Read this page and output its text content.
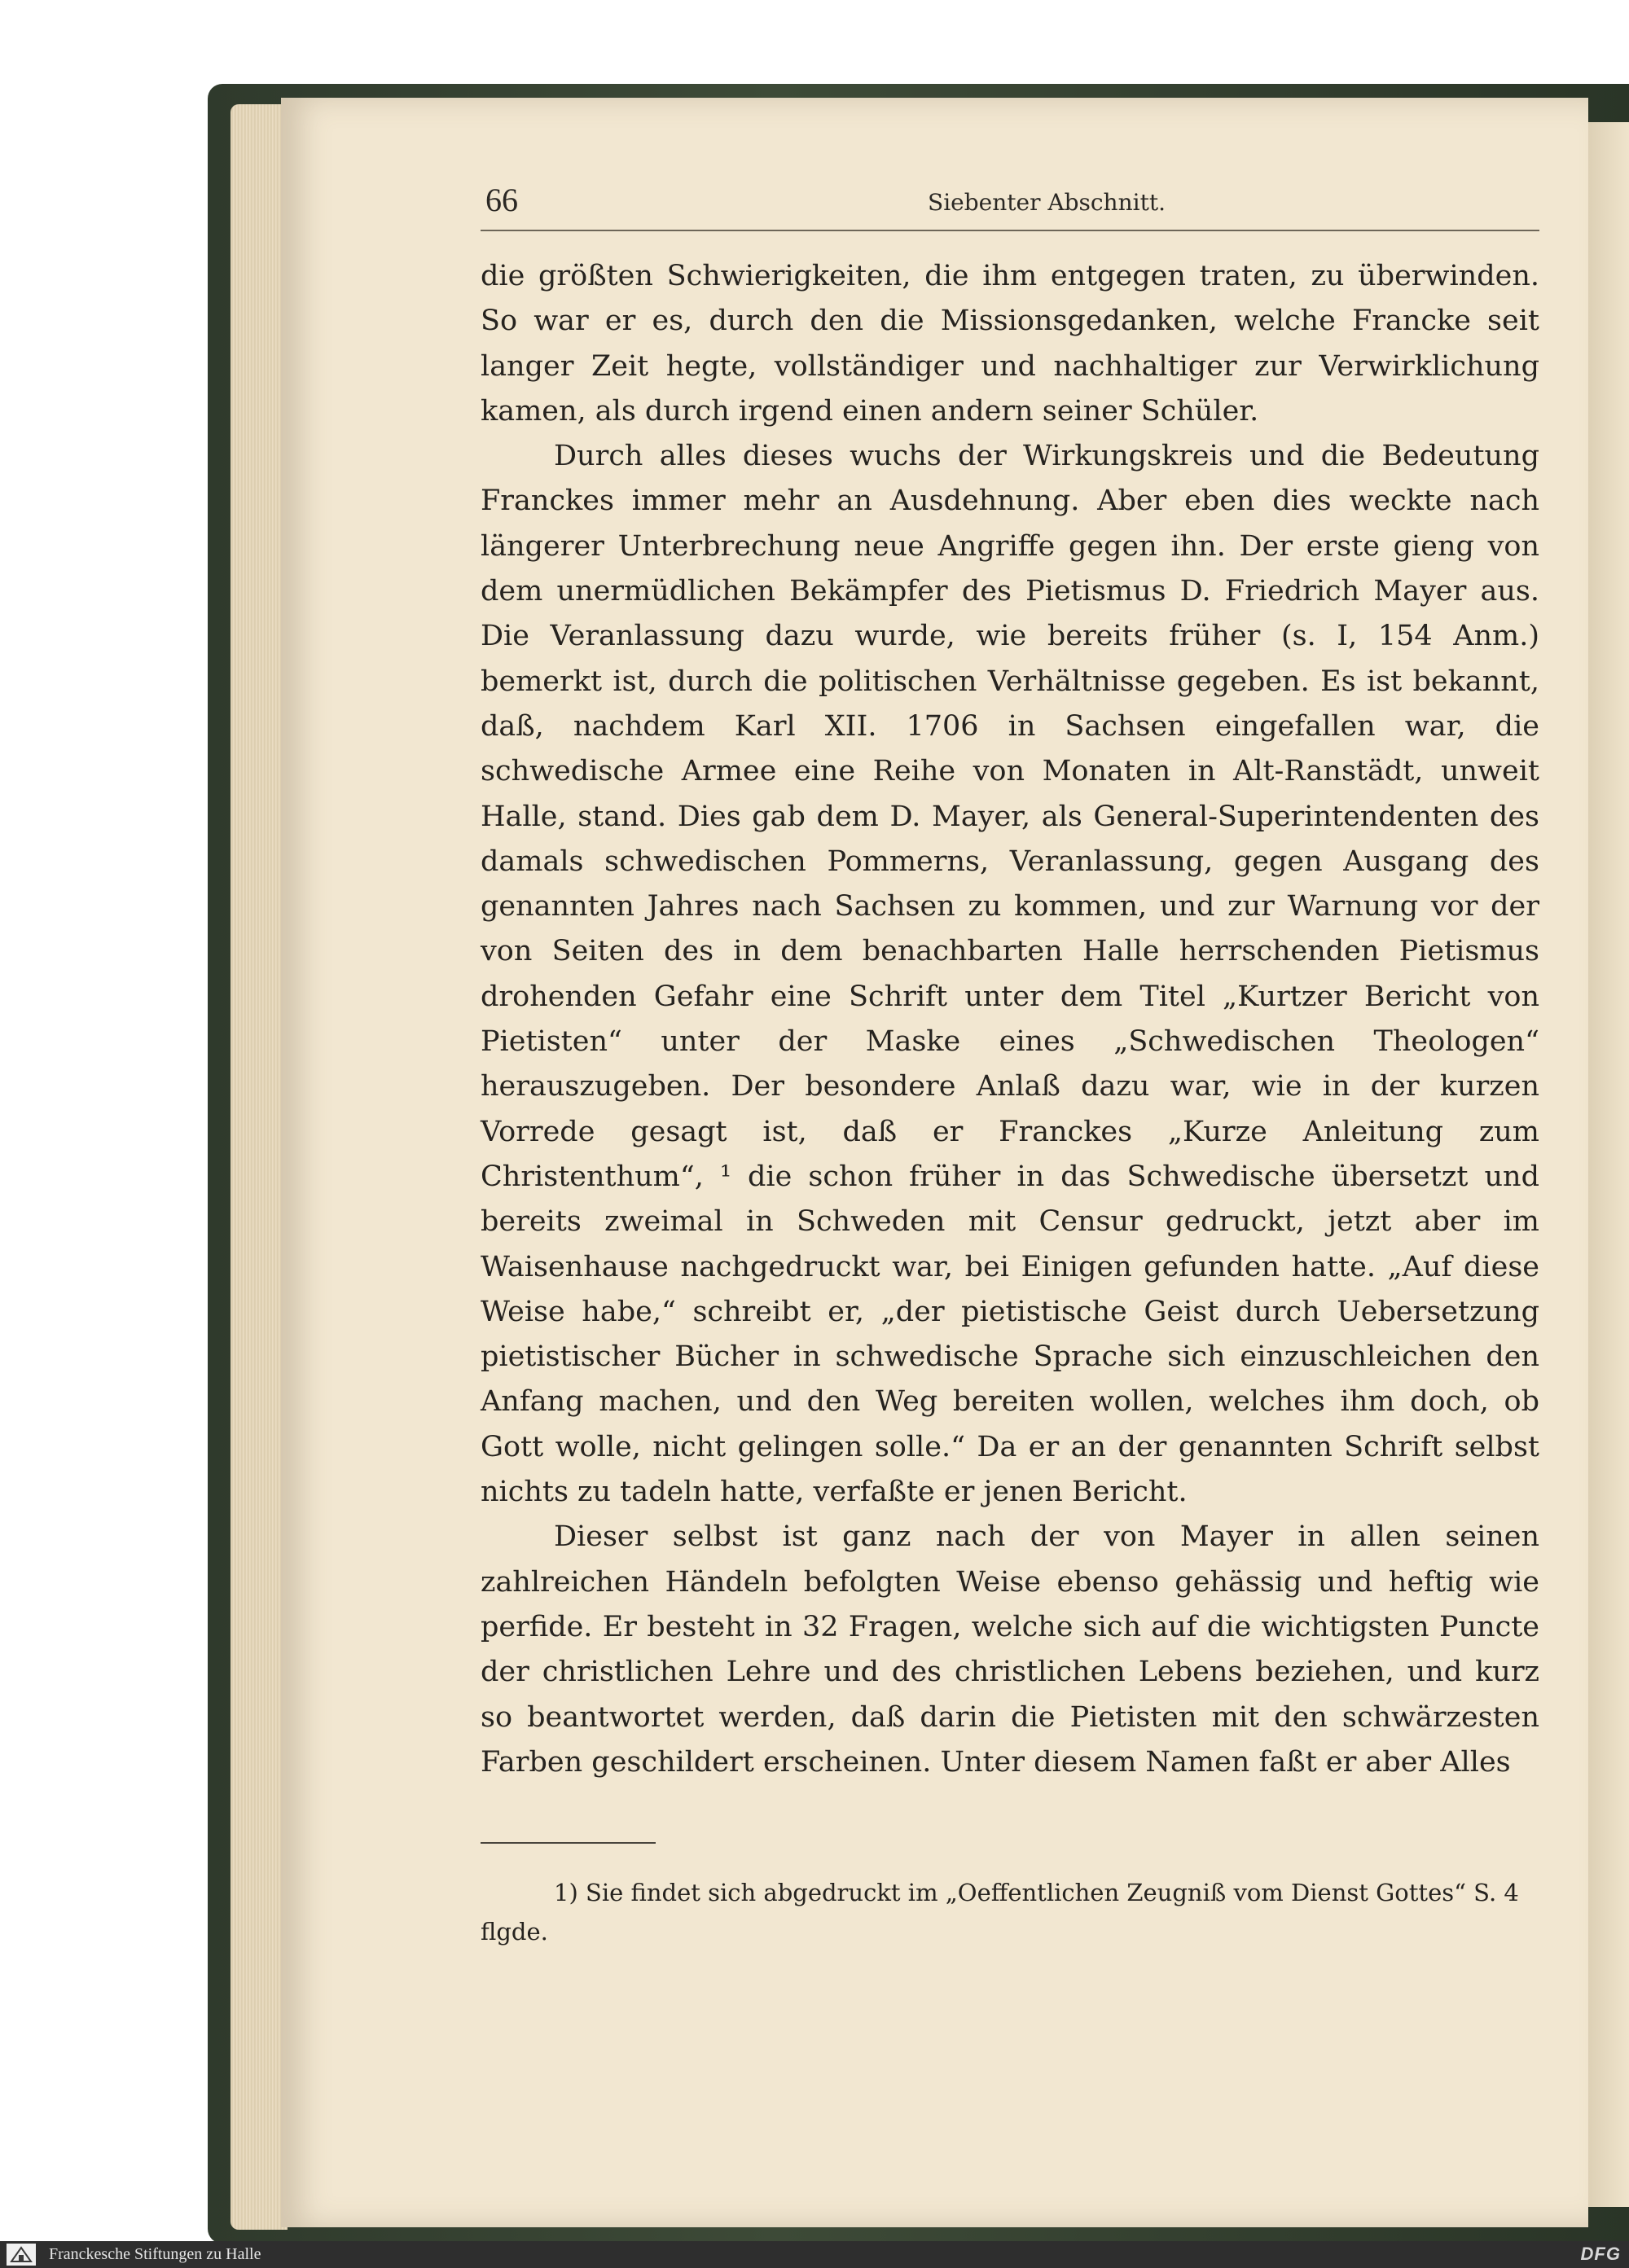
66	Siebenter Abschnitt.

die größten Schwierigkeiten, die ihm entgegen traten, zu überwinden. So war er es, durch den die Missionsgedanken, welche Francke seit langer Zeit hegte, vollständiger und nachhaltiger zur Verwirklichung kamen, als durch irgend einen andern seiner Schüler.

Durch alles dieses wuchs der Wirkungskreis und die Bedeutung Franckes immer mehr an Ausdehnung. Aber eben dies weckte nach längerer Unterbrechung neue Angriffe gegen ihn. Der erste gieng von dem unermüdlichen Bekämpfer des Pietismus D. Friedrich Mayer aus. Die Veranlassung dazu wurde, wie bereits früher (s. I, 154 Anm.) bemerkt ist, durch die politischen Verhältnisse gegeben. Es ist bekannt, daß, nachdem Karl XII. 1706 in Sachsen eingefallen war, die schwedische Armee eine Reihe von Monaten in Alt-Ranstädt, unweit Halle, stand. Dies gab dem D. Mayer, als General-Superintendenten des damals schwedischen Pommerns, Veranlassung, gegen Ausgang des genannten Jahres nach Sachsen zu kommen, und zur Warnung vor der von Seiten des in dem benachbarten Halle herrschenden Pietismus drohenden Gefahr eine Schrift unter dem Titel „Kurtzer Bericht von Pietisten“ unter der Maske eines „Schwedischen Theologen“ herauszugeben. Der besondere Anlaß dazu war, wie in der kurzen Vorrede gesagt ist, daß er Franckes „Kurze Anleitung zum Christenthum“, ¹ die schon früher in das Schwedische übersetzt und bereits zweimal in Schweden mit Censur gedruckt, jetzt aber im Waisenhause nachgedruckt war, bei Einigen gefunden hatte. „Auf diese Weise habe,“ schreibt er, „der pietistische Geist durch Uebersetzung pietistischer Bücher in schwedische Sprache sich einzuschleichen den Anfang machen, und den Weg bereiten wollen, welches ihm doch, ob Gott wolle, nicht gelingen solle.“ Da er an der genannten Schrift selbst nichts zu tadeln hatte, verfaßte er jenen Bericht.

Dieser selbst ist ganz nach der von Mayer in allen seinen zahlreichen Händeln befolgten Weise ebenso gehässig und heftig wie perfide. Er besteht in 32 Fragen, welche sich auf die wichtigsten Puncte der christlichen Lehre und des christlichen Lebens beziehen, und kurz so beantwortet werden, daß darin die Pietisten mit den schwärzesten Farben geschildert erscheinen. Unter diesem Namen faßt er aber Alles

1) Sie findet sich abgedruckt im „Oeffentlichen Zeugniß vom Dienst Gottes“ S. 4 flgde.
Franckesche Stiftungen zu Halle	DFG
